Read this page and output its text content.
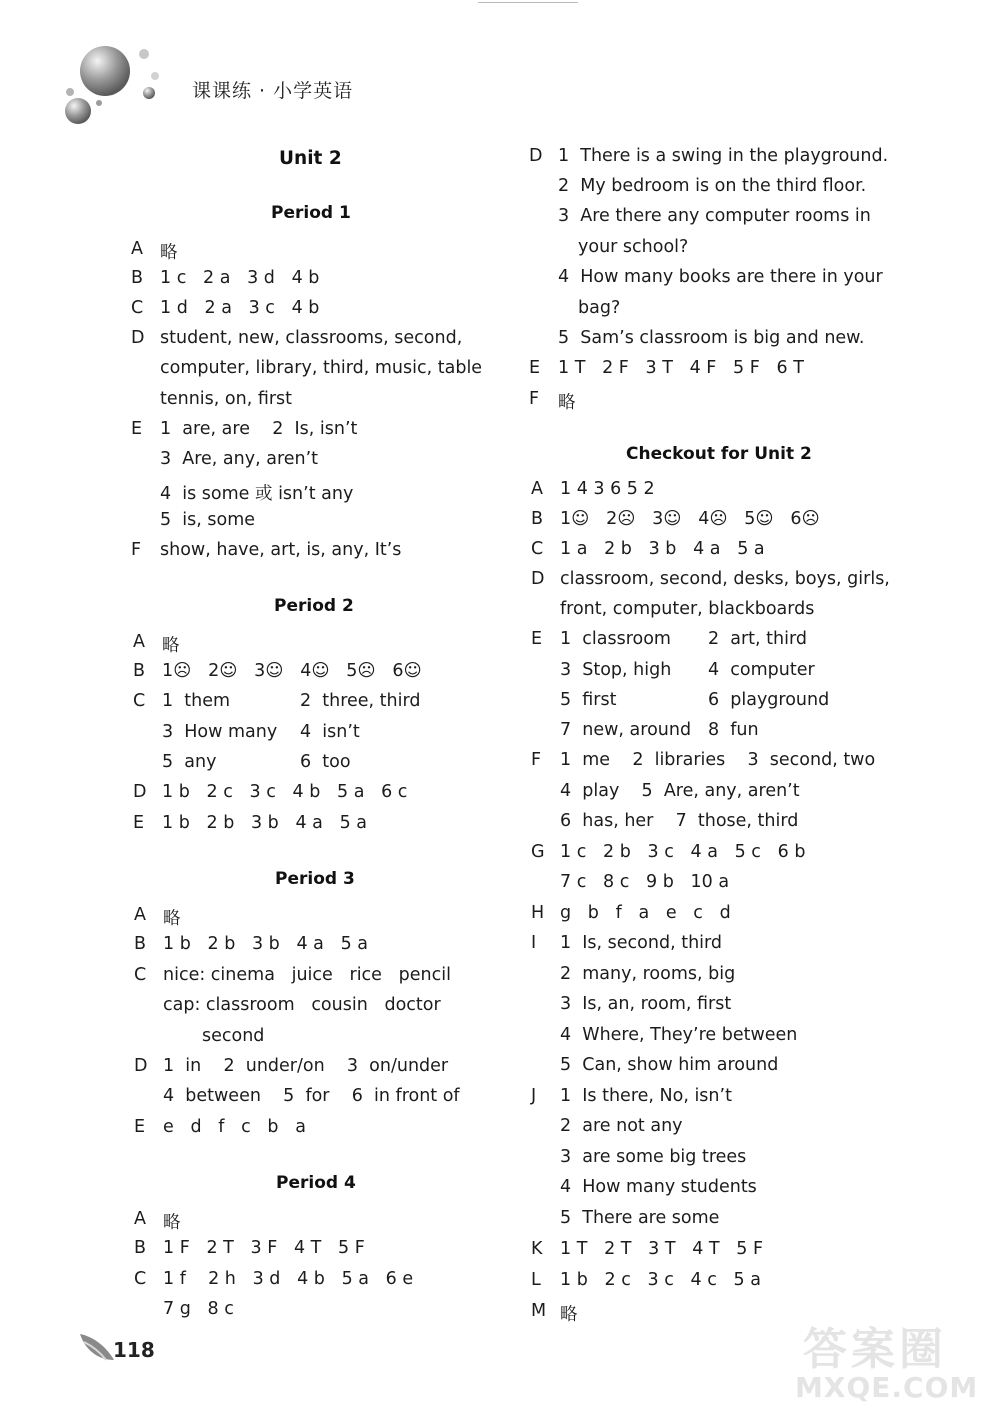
课课练 · 小学英语
Unit 2
Period 1
A 略
B 1 c   2 a   3 d   4 b
C 1 d   2 a   3 c   4 b
D student, new, classrooms, second,
computer, library, third, music, table
tennis, on, first
E 1  are, are    2  Is, isn’t
3  Are, any, aren’t
4  is some 或 isn’t any
5  is, some
F show, have, art, is, any, It’s
Period 2
A 略
B 1☹   2☺   3☺   4☺   5☹   6☺
C 1  them	2  three, third
3  How many 4  isn’t
5  any	6  too
D 1 b   2 c   3 c   4 b   5 a   6 c
E 1 b   2 b   3 b   4 a   5 a
Period 3
A 略
B 1 b   2 b   3 b   4 a   5 a
C nice: cinema   juice   rice   pencil
cap: classroom   cousin   doctor
second
D 1  in    2  under/on    3  on/under
4  between    5  for    6  in front of
E e   d   f   c   b   a
Period 4
A 略
B 1 F   2 T   3 F   4 T   5 F
C 1 f    2 h   3 d   4 b   5 a   6 e
7 g   8 c
D 1  There is a swing in the playground.
2  My bedroom is on the third floor.
3  Are there any computer rooms in
your school?
4  How many books are there in your
bag?
5  Sam’s classroom is big and new.
E 1 T   2 F   3 T   4 F   5 F   6 T
F 略
Checkout for Unit 2
A 1 4 3 6 5 2
B 1☺   2☹   3☺   4☹   5☺   6☹
C 1 a   2 b   3 b   4 a   5 a
D classroom, second, desks, boys, girls,
front, computer, blackboards
E 1  classroom 2  art, third
3  Stop, high 4  computer
5  first	6  playground
7  new, around 8  fun
F 1  me    2  libraries    3  second, two
4  play    5  Are, any, aren’t
6  has, her    7  those, third
G 1 c   2 b   3 c   4 a   5 c   6 b
7 c   8 c   9 b   10 a
H g   b   f   a   e   c   d
I 1  Is, second, third
2  many, rooms, big
3  Is, an, room, first
4  Where, They’re between
5  Can, show him around
J 1  Is there, No, isn’t
2  are not any
3  are some big trees
4  How many students
5  There are some
K 1 T   2 T   3 T   4 T   5 F
L 1 b   2 c   3 c   4 c   5 a
M 略
118	答案圈
MXQE.COM
